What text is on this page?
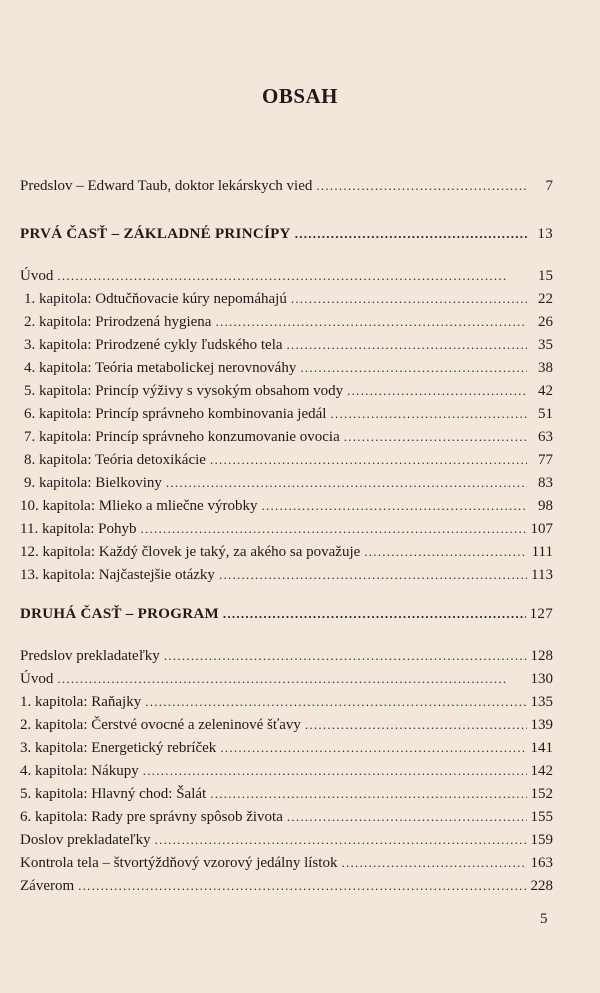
OBSAH
Predslov – Edward Taub, doktor lekárskych vied . . .	7
PRVÁ ČASŤ – ZÁKLADNÉ PRINCÍPY . . .	13
Úvod . . .	15
1. kapitola: Odtučňovacie kúry nepomáhajú . . .	22
2. kapitola: Prirodzená hygiena . . .	26
3. kapitola: Prirodzené cykly ľudského tela . . .	35
4. kapitola: Teória metabolickej nerovnováhy . . .	38
5. kapitola: Princíp výživy s vysokým obsahom vody . . .	42
6. kapitola: Princíp správneho kombinovania jedál . . .	51
7. kapitola: Princíp správneho konzumovanie ovocia . . .	63
8. kapitola: Teória detoxikácie . . .	77
9. kapitola: Bielkoviny . . .	83
10. kapitola: Mlieko a mliečne výrobky . . .	98
11. kapitola: Pohyb . . .	107
12. kapitola: Každý človek je taký, za akého sa považuje . . .	111
13. kapitola: Najčastejšie otázky . . .	113
DRUHÁ ČASŤ – PROGRAM . . .	127
Predslov prekladateľky . . .	128
Úvod . . .	130
1. kapitola: Raňajky . . .	135
2. kapitola: Čerstvé ovocné a zeleninové šťavy . . .	139
3. kapitola: Energetický rebríček . . .	141
4. kapitola: Nákupy . . .	142
5. kapitola: Hlavný chod: Šalát . . .	152
6. kapitola: Rady pre správny spôsob života . . .	155
Doslov prekladateľky . . .	159
Kontrola tela – štvortýždňový vzorový jedálny lístok . . .	163
Záverom . . .	228
5
